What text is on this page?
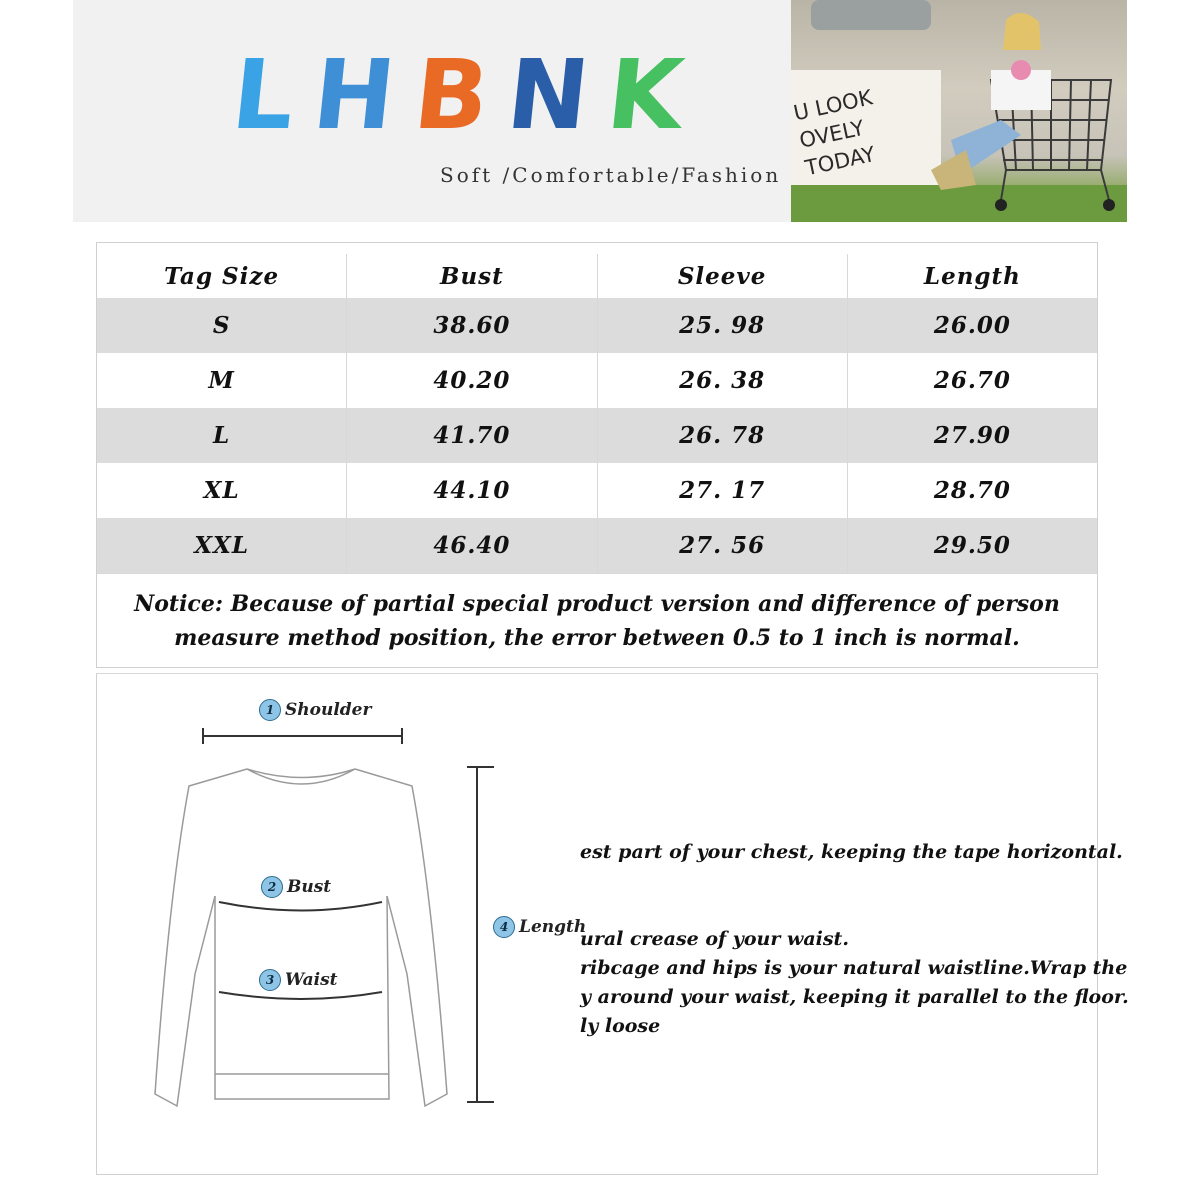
L H B N K
Soft /Comfortable/Fashion
U LOOK
OVELY
TODAY
Tag Size	Bust	Sleeve	Length
S	38.60	25. 98	26.00
M	40.20	26. 38	26.70
L	41.70	26. 78	27.90
XL	44.10	27. 17	28.70
XXL	46.40	27. 56	29.50
Notice: Because of partial special product version and difference of person measure method position, the error between 0.5 to 1 inch is normal.
1 Shoulder
2 Bust
3 Waist
4 Length
est part of your chest, keeping the tape horizontal.
ural crease of your waist.
ribcage and hips is your natural waistline.Wrap the
y around your waist, keeping it parallel to the floor.
ly loose
